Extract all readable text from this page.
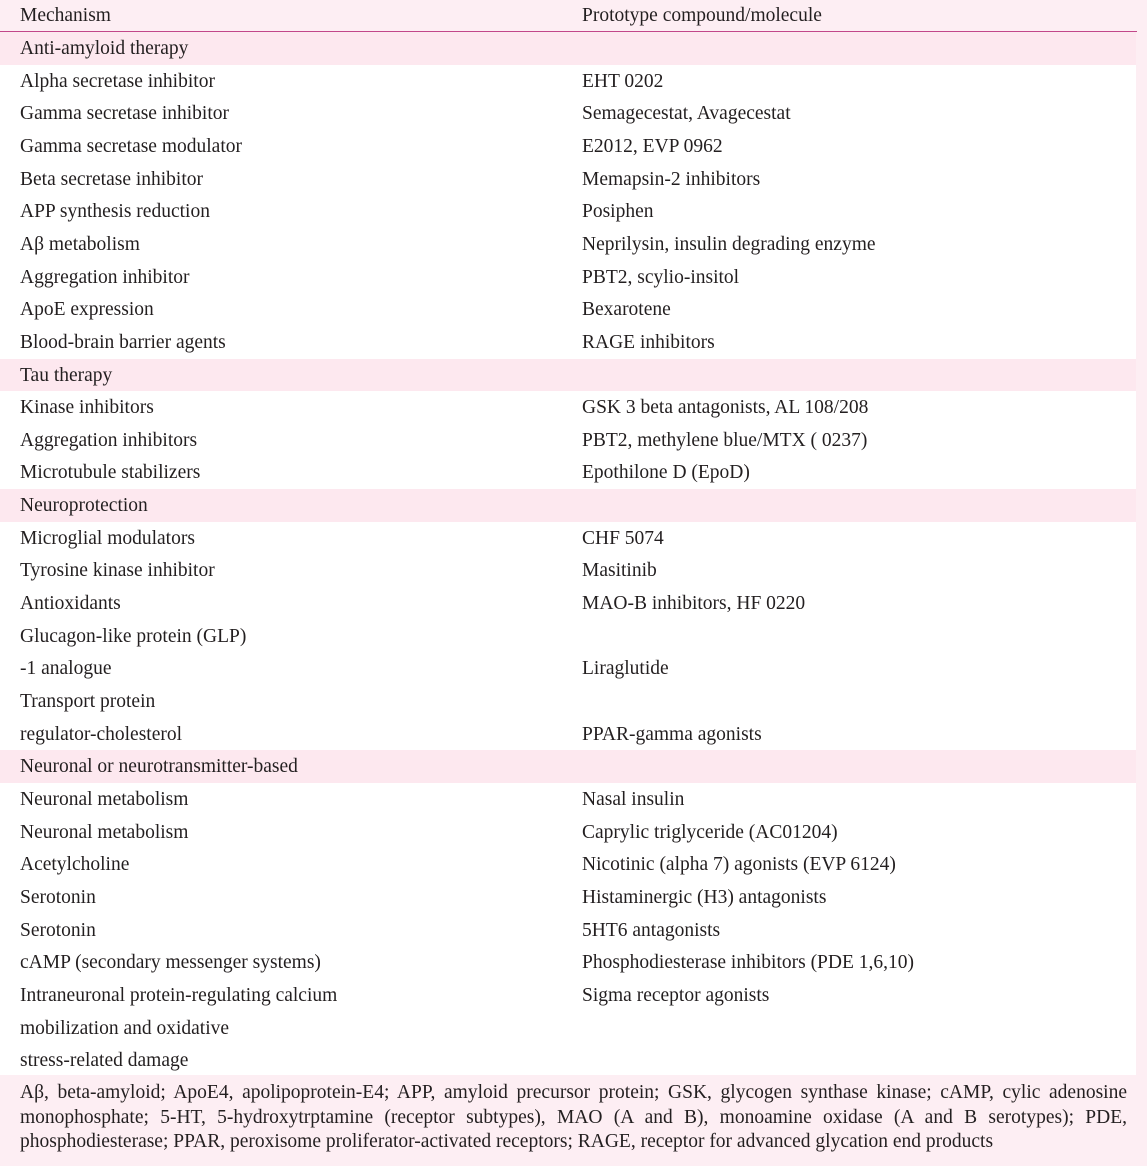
Mechanism	Prototype compound/molecule
Anti-amyloid therapy
Alpha secretase inhibitor	EHT 0202
Gamma secretase inhibitor	Semagecestat, Avagecestat
Gamma secretase modulator	E2012, EVP 0962
Beta secretase inhibitor	Memapsin-2 inhibitors
APP synthesis reduction	Posiphen
Aβ metabolism	Neprilysin, insulin degrading enzyme
Aggregation inhibitor	PBT2, scylio-insitol
ApoE expression	Bexarotene
Blood-brain barrier agents	RAGE inhibitors
Tau therapy
Kinase inhibitors	GSK 3 beta antagonists, AL 108/208
Aggregation inhibitors	PBT2, methylene blue/MTX ( 0237)
Microtubule stabilizers	Epothilone D (EpoD)
Neuroprotection
Microglial modulators	CHF 5074
Tyrosine kinase inhibitor	Masitinib
Antioxidants	MAO-B inhibitors, HF 0220
Glucagon-like protein (GLP)
-1 analogue	Liraglutide
Transport protein
regulator-cholesterol	PPAR-gamma agonists
Neuronal or neurotransmitter-based
Neuronal metabolism	Nasal insulin
Neuronal metabolism	Caprylic triglyceride (AC01204)
Acetylcholine	Nicotinic (alpha 7) agonists (EVP 6124)
Serotonin	Histaminergic (H3) antagonists
Serotonin	5HT6 antagonists
cAMP (secondary messenger systems)	Phosphodiesterase inhibitors (PDE 1,6,10)
Intraneuronal protein-regulating calcium	Sigma receptor agonists
mobilization and oxidative
stress-related damage

Aβ, beta-amyloid; ApoE4, apolipoprotein-E4; APP, amyloid precursor protein; GSK, glycogen synthase kinase; cAMP, cylic adenosine monophosphate; 5-HT, 5-hydroxytrptamine (receptor subtypes), MAO (A and B), monoamine oxidase (A and B serotypes); PDE, phosphodiesterase; PPAR, peroxisome proliferator-activated receptors; RAGE, receptor for advanced glycation end products
